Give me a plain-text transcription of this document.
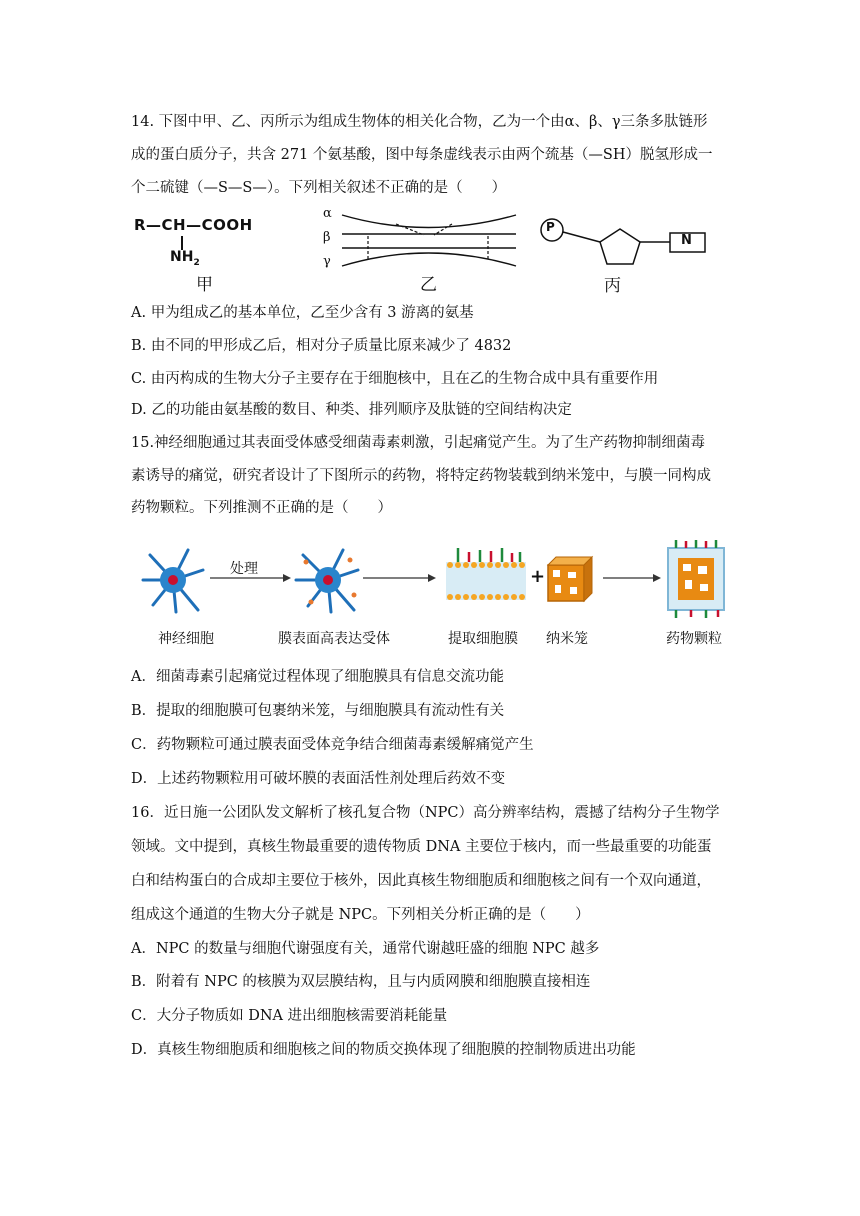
14. 下图中甲、乙、丙所示为组成生物体的相关化合物，乙为一个由α、β、γ三条多肽链形
成的蛋白质分子，共含 271 个氨基酸，图中每条虚线表示由两个巯基（—SH）脱氢形成一
个二硫键（—S—S—）。下列相关叙述不正确的是（　　）
R—CH—COOH
$NH_2$
甲
α
β
γ
乙
P
N
丙
A. 甲为组成乙的基本单位，乙至少含有 3 游离的氨基
B. 由不同的甲形成乙后，相对分子质量比原来减少了 4832
C. 由丙构成的生物大分子主要存在于细胞核中，且在乙的生物合成中具有重要作用
D. 乙的功能由氨基酸的数目、种类、排列顺序及肽链的空间结构决定
15.神经细胞通过其表面受体感受细菌毒素刺激，引起痛觉产生。为了生产药物抑制细菌毒
素诱导的痛觉，研究者设计了下图所示的药物，将特定药物装载到纳米笼中，与膜一同构成
药物颗粒。下列推测不正确的是（　　）
处理	+
神经细胞	膜表面高表达受体	提取细胞膜 纳米笼	药物颗粒
A．细菌毒素引起痛觉过程体现了细胞膜具有信息交流功能
B．提取的细胞膜可包裹纳米笼，与细胞膜具有流动性有关
C．药物颗粒可通过膜表面受体竞争结合细菌毒素缓解痛觉产生
D．上述药物颗粒用可破坏膜的表面活性剂处理后药效不变
16．近日施一公团队发文解析了核孔复合物（NPC）高分辨率结构，震撼了结构分子生物学
领域。文中提到，真核生物最重要的遗传物质 DNA 主要位于核内，而一些最重要的功能蛋
白和结构蛋白的合成却主要位于核外，因此真核生物细胞质和细胞核之间有一个双向通道，
组成这个通道的生物大分子就是 NPC。下列相关分析正确的是（　　）
A．NPC 的数量与细胞代谢强度有关，通常代谢越旺盛的细胞 NPC 越多
B．附着有 NPC 的核膜为双层膜结构，且与内质网膜和细胞膜直接相连
C．大分子物质如 DNA 进出细胞核需要消耗能量
D．真核生物细胞质和细胞核之间的物质交换体现了细胞膜的控制物质进出功能
